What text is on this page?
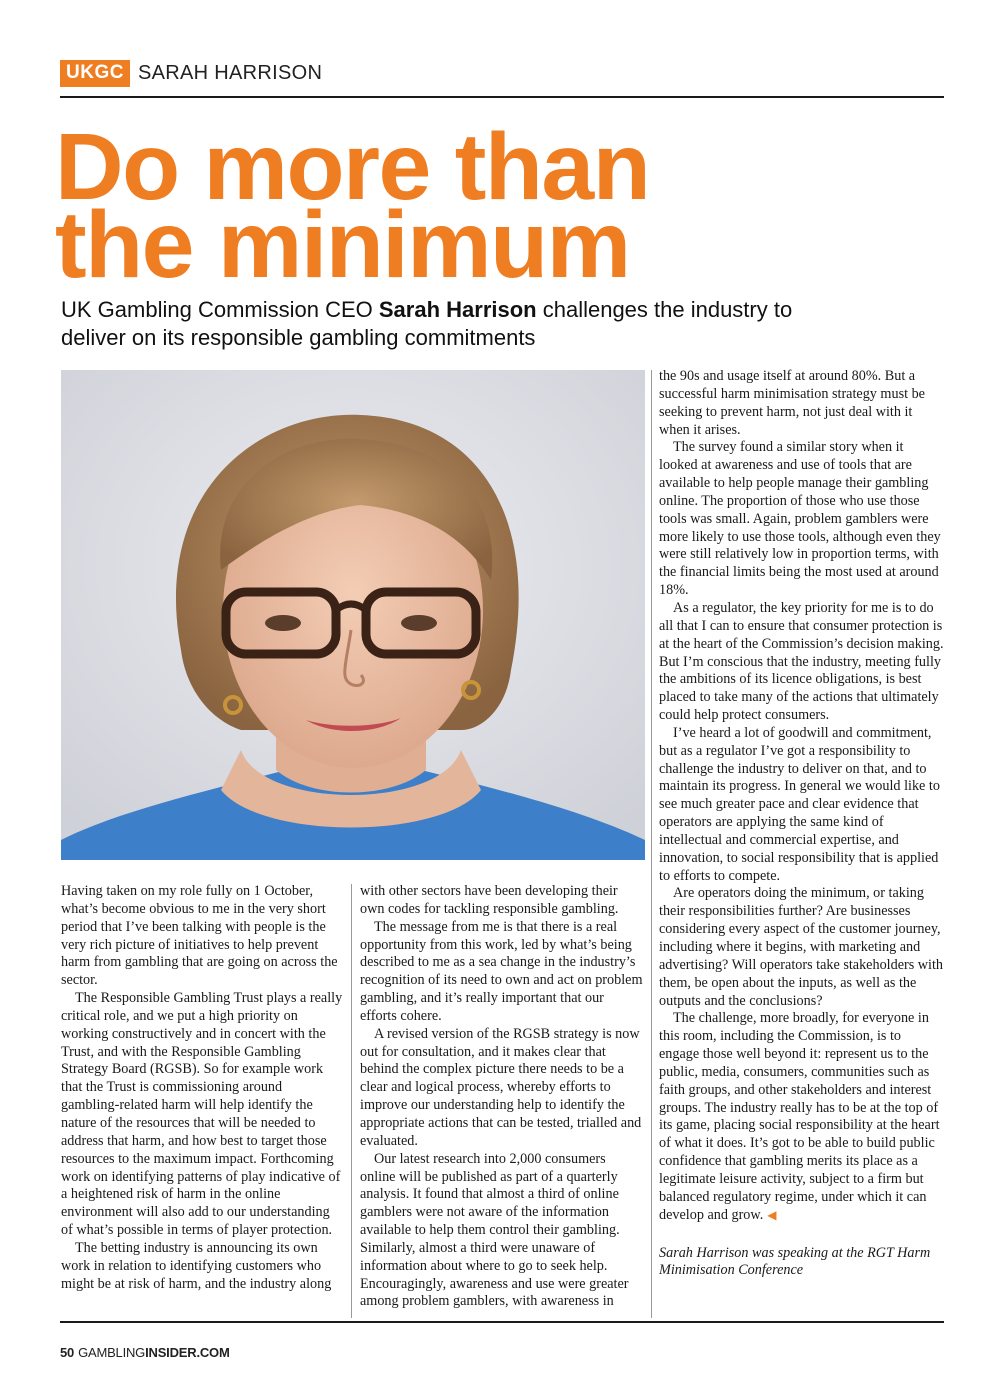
UKGC SARAH HARRISON
Do more than
the minimum

UK Gambling Commission CEO Sarah Harrison challenges the industry to deliver on its responsible gambling commitments

Having taken on my role fully on 1 October, what’s become obvious to me in the very short period that I’ve been talking with people is the very rich picture of initiatives to help prevent harm from gambling that are going on across the sector.

The Responsible Gambling Trust plays a really critical role, and we put a high priority on working constructively and in concert with the Trust, and with the Responsible Gambling Strategy Board (RGSB). So for example work that the Trust is commissioning around gambling-related harm will help identify the nature of the resources that will be needed to address that harm, and how best to target those resources to the maximum impact. Forthcoming work on identifying patterns of play indicative of a heightened risk of harm in the online environment will also add to our understanding of what’s possible in terms of player protection.

The betting industry is announcing its own work in relation to identifying customers who might be at risk of harm, and the industry along

with other sectors have been developing their own codes for tackling responsible gambling.

The message from me is that there is a real opportunity from this work, led by what’s being described to me as a sea change in the industry’s recognition of its need to own and act on problem gambling, and it’s really important that our efforts cohere.

A revised version of the RGSB strategy is now out for consultation, and it makes clear that behind the complex picture there needs to be a clear and logical process, whereby efforts to improve our understanding help to identify the appropriate actions that can be tested, trialled and evaluated.

Our latest research into 2,000 consumers online will be published as part of a quarterly analysis. It found that almost a third of online gamblers were not aware of the information available to help them control their gambling. Similarly, almost a third were unaware of information about where to go to seek help. Encouragingly, awareness and use were greater among problem gamblers, with awareness in

the 90s and usage itself at around 80%. But a successful harm minimisation strategy must be seeking to prevent harm, not just deal with it when it arises.

The survey found a similar story when it looked at awareness and use of tools that are available to help people manage their gambling online. The proportion of those who use those tools was small. Again, problem gamblers were more likely to use those tools, although even they were still relatively low in proportion terms, with the financial limits being the most used at around 18%.

As a regulator, the key priority for me is to do all that I can to ensure that consumer protection is at the heart of the Commission’s decision making. But I’m conscious that the industry, meeting fully the ambitions of its licence obligations, is best placed to take many of the actions that ultimately could help protect consumers.

I’ve heard a lot of goodwill and commitment, but as a regulator I’ve got a responsibility to challenge the industry to deliver on that, and to maintain its progress. In general we would like to see much greater pace and clear evidence that operators are applying the same kind of intellectual and commercial expertise, and innovation, to social responsibility that is applied to efforts to compete.

Are operators doing the minimum, or taking their responsibilities further? Are businesses considering every aspect of the customer journey, including where it begins, with marketing and advertising? Will operators take stakeholders with them, be open about the inputs, as well as the outputs and the conclusions?

The challenge, more broadly, for everyone in this room, including the Commission, is to engage those well beyond it: represent us to the public, media, consumers, communities such as faith groups, and other stakeholders and interest groups. The industry really has to be at the top of its game, placing social responsibility at the heart of what it does. It’s got to be able to build public confidence that gambling merits its place as a legitimate leisure activity, subject to a firm but balanced regulatory regime, under which it can develop and grow. ◀

Sarah Harrison was speaking at the RGT Harm Minimisation Conference

50 GAMBLINGINSIDER.COM
